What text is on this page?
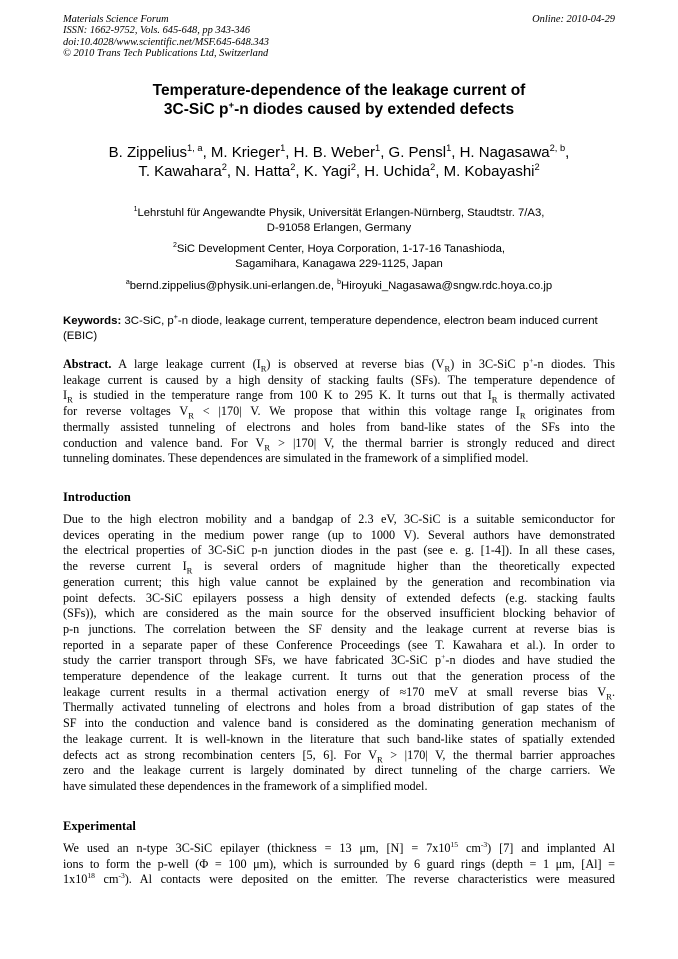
Materials Science Forum
ISSN: 1662-9752, Vols. 645-648, pp 343-346
doi:10.4028/www.scientific.net/MSF.645-648.343
© 2010 Trans Tech Publications Ltd, Switzerland
Online: 2010-04-29
Temperature-dependence of the leakage current of
3C-SiC p+-n diodes caused by extended defects
B. Zippelius$^{1, a}$, M. Krieger$^1$, H. B. Weber$^1$, G. Pensl$^1$, H. Nagasawa$^{2, b}$,
T. Kawahara$^2$, N. Hatta$^2$, K. Yagi$^2$, H. Uchida$^2$, M. Kobayashi$^2$
$^1$Lehrstuhl für Angewandte Physik, Universität Erlangen-Nürnberg, Staudtstr. 7/A3,
D-91058 Erlangen, Germany
$^2$SiC Development Center, Hoya Corporation, 1-17-16 Tanashioda,
Sagamihara, Kanagawa 229-1125, Japan
$^a$bernd.zippelius@physik.uni-erlangen.de, $^b$Hiroyuki_Nagasawa@sngw.rdc.hoya.co.jp
Keywords: 3C-SiC, p+-n diode, leakage current, temperature dependence, electron beam induced current (EBIC)
Abstract. A large leakage current $(I_R)$ is observed at reverse bias $(V_R)$ in 3C-SiC p+-n diodes. This
leakage current is caused by a high density of stacking faults (SFs). The temperature dependence of
$I_R$ is studied in the temperature range from 100 K to 295 K. It turns out that $I_R$ is thermally activated
for reverse voltages $V_R < |170|$ V. We propose that within this voltage range $I_R$ originates from
thermally assisted tunneling of electrons and holes from band-like states of the SFs into the
conduction and valence band. For $V_R > |170|$ V, the thermal barrier is strongly reduced and direct
tunneling dominates. These dependences are simulated in the framework of a simplified model.
Introduction
Due to the high electron mobility and a bandgap of 2.3 eV, 3C-SiC is a suitable semiconductor for
devices operating in the medium power range (up to 1000 V). Several authors have demonstrated
the electrical properties of 3C-SiC p-n junction diodes in the past (see e. g. [1-4]). In all these cases,
the reverse current $I_R$ is several orders of magnitude higher than the theoretically expected
generation current; this high value cannot be explained by the generation and recombination via
point defects. 3C-SiC epilayers possess a high density of extended defects (e.g. stacking faults
(SFs)), which are considered as the main source for the observed insufficient blocking behavior of
p-n junctions. The correlation between the SF density and the leakage current at reverse bias is
reported in a separate paper of these Conference Proceedings (see T. Kawahara et al.). In order to
study the carrier transport through SFs, we have fabricated 3C-SiC p+-n diodes and have studied the
temperature dependence of the leakage current. It turns out that the generation process of the
leakage current results in a thermal activation energy of ≈170 meV at small reverse bias $V_R$.
Thermally activated tunneling of electrons and holes from a broad distribution of gap states of the
SF into the conduction and valence band is considered as the dominating generation mechanism of
the leakage current. It is well-known in the literature that such band-like states of spatially extended
defects act as strong recombination centers [5, 6]. For $V_R > |170|$ V, the thermal barrier approaches
zero and the leakage current is largely dominated by direct tunneling of the charge carriers. We
have simulated these dependences in the framework of a simplified model.
Experimental
We used an n-type 3C-SiC epilayer (thickness = 13 μm, $[N] = 7x10^{15}$ $cm^{-3}$) [7] and implanted Al
ions to form the p-well (Φ = 100 μm), which is surrounded by 6 guard rings (depth = 1 μm, [Al] =
$1x10^{18}$ $cm^{-3}$). Al contacts were deposited on the emitter. The reverse characteristics were measured
